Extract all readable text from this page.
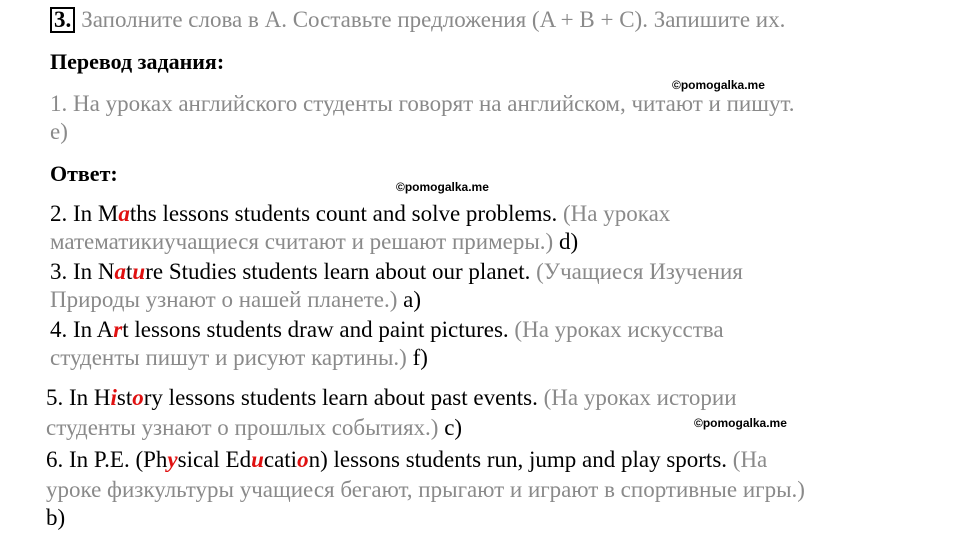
3. Заполните слова в A. Составьте предложения (A + B + C). Запишите их.
Перевод задания:
©pomogalka.me
1. На уроках английского студенты говорят на английском, читают и пишут.
e)
Ответ:
©pomogalka.me
2. In Maths lessons students count and solve problems. (На уроках
математикиучащиеся считают и решают примеры.) d)
3. In Nature Studies students learn about our planet. (Учащиеся Изучения
Природы узнают о нашей планете.) a)
4. In Art lessons students draw and paint pictures. (На уроках искусства
студенты пишут и рисуют картины.) f)
5. In History lessons students learn about past events. (На уроках истории
©pomogalka.me
студенты узнают о прошлых событиях.) c)
6. In P.E. (Physical Education) lessons students run, jump and play sports. (На
уроке физкультуры учащиеся бегают, прыгают и играют в спортивные игры.)
b)
